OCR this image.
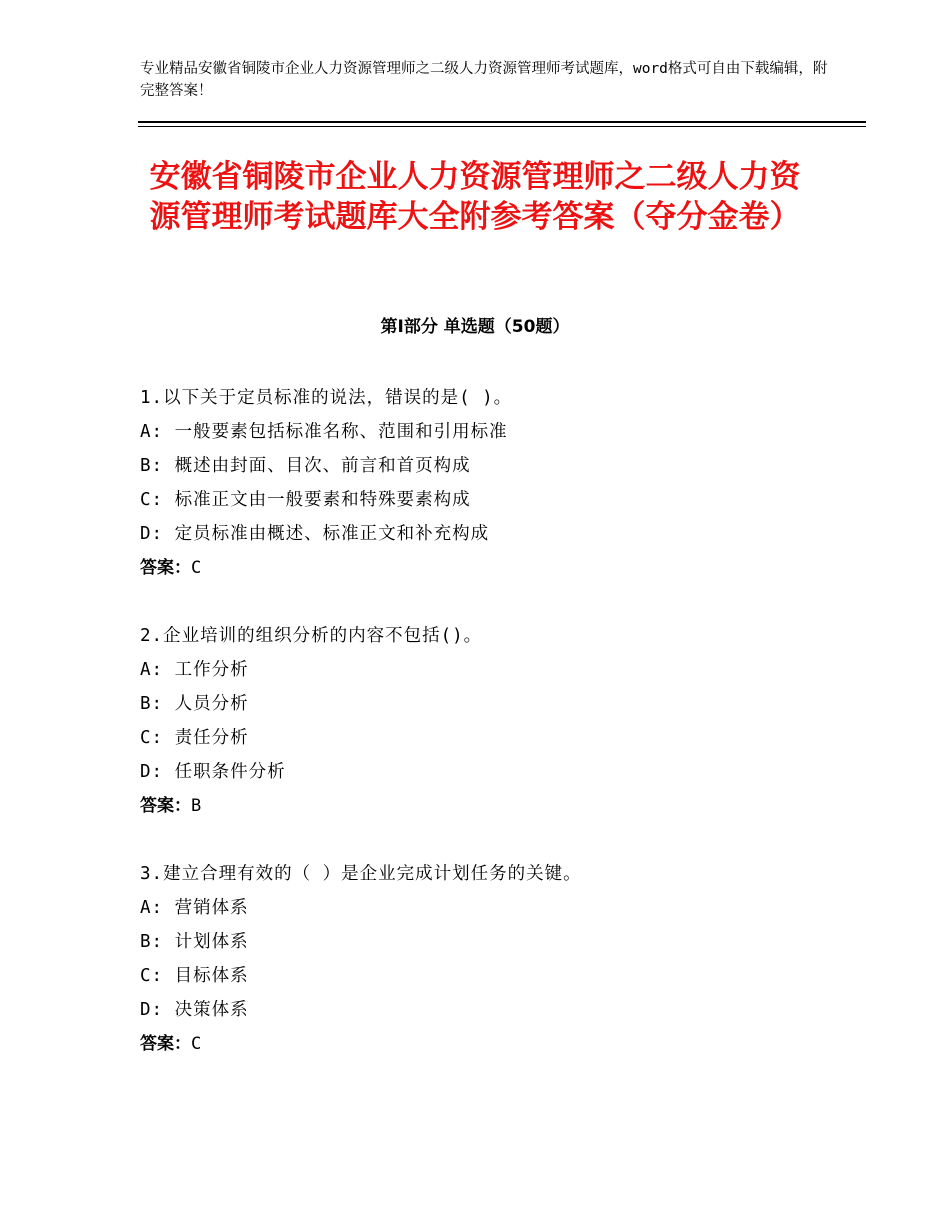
专业精品安徽省铜陵市企业人力资源管理师之二级人力资源管理师考试题库，word格式可自由下载编辑，附完整答案！
安徽省铜陵市企业人力资源管理师之二级人力资源管理师考试题库大全附参考答案（夺分金卷）
第Ⅰ部分 单选题（50题）
1.以下关于定员标准的说法，错误的是( )。
A: 一般要素包括标准名称、范围和引用标准
B: 概述由封面、目次、前言和首页构成
C: 标准正文由一般要素和特殊要素构成
D: 定员标准由概述、标准正文和补充构成
答案：C
2.企业培训的组织分析的内容不包括()。
A: 工作分析
B: 人员分析
C: 责任分析
D: 任职条件分析
答案：B
3.建立合理有效的（ ）是企业完成计划任务的关键。
A: 营销体系
B: 计划体系
C: 目标体系
D: 决策体系
答案：C
